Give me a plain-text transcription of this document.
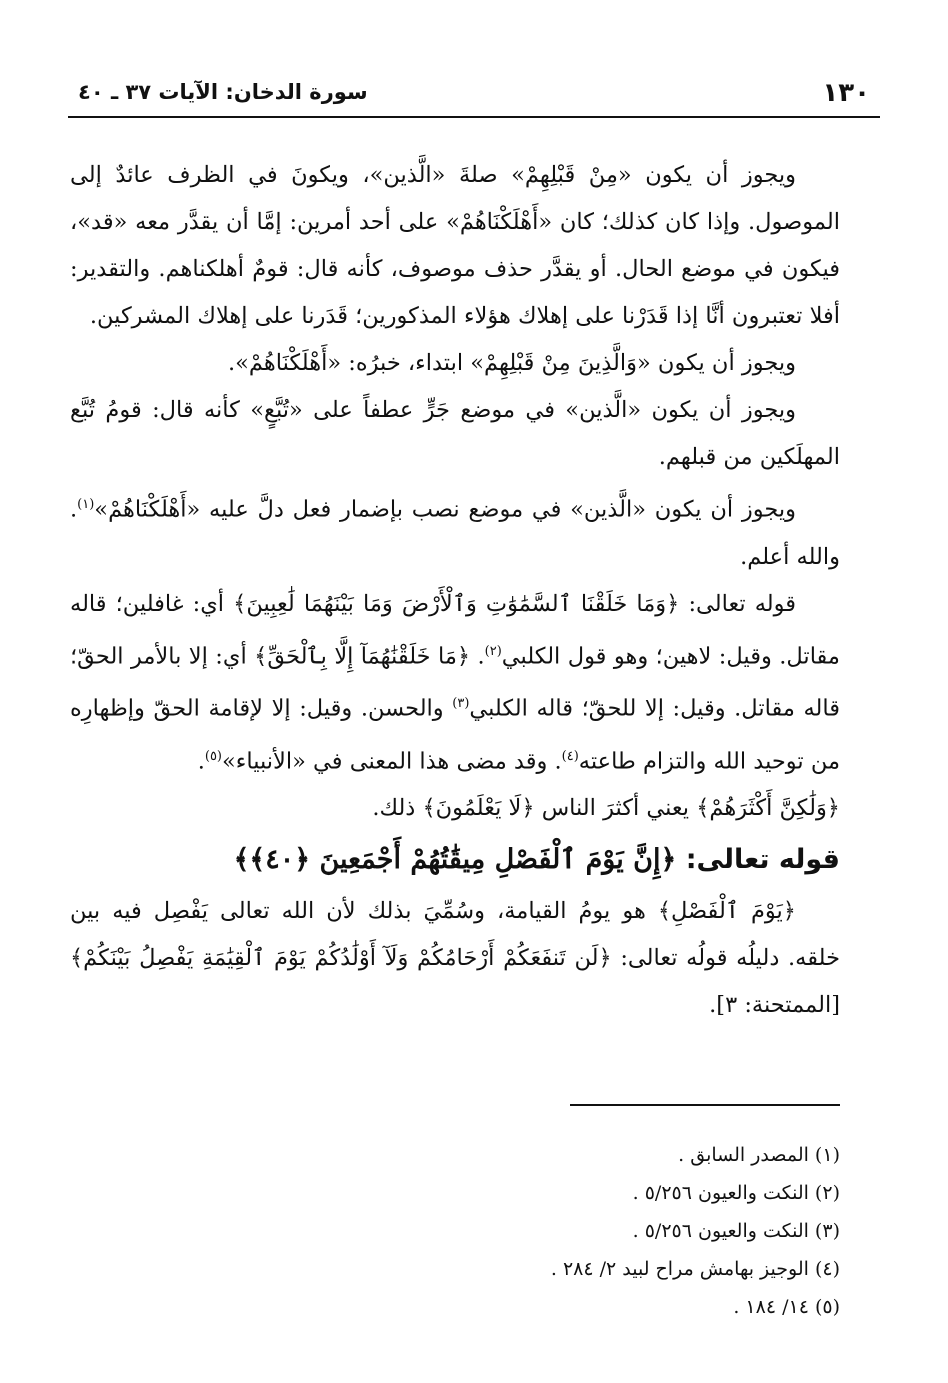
١٣٠
سورة الدخان: الآيات ٣٧ ـ ٤٠

ويجوز أن يكون «مِنْ قَبْلِهِمْ» صلةَ «الَّذين»، ويكونَ في الظرف عائدٌ إلى الموصول. وإذا كان كذلك؛ كان «أَهْلَكْنَاهُمْ» على أحد أمرين: إمَّا أن يقدَّر معه «قد»، فيكون في موضع الحال. أو يقدَّر حذف موصوف، كأنه قال: قومٌ أهلكناهم. والتقدير: أفلا تعتبرون أنَّا إذا قَدَرْنا على إهلاك هؤلاء المذكورين؛ قَدَرنا على إهلاك المشركين.

ويجوز أن يكون «وَالَّذِينَ مِنْ قَبْلِهِمْ» ابتداء، خبرُه: «أَهْلَكْنَاهُمْ».

ويجوز أن يكون «الَّذين» في موضع جَرٍّ عطفاً على «تُبَّعٍ» كأنه قال: قومُ تُبَّع المهلَكين من قبلهم.

ويجوز أن يكون «الَّذين» في موضع نصب بإضمار فعل دلَّ عليه «أَهْلَكْنَاهُمْ»$^{(١)}$. والله أعلم.

قوله تعالى: ﴿وَمَا خَلَقْنَا ٱلسَّمَٰوَٰتِ وَٱلْأَرْضَ وَمَا بَيْنَهُمَا لَٰعِبِينَ﴾ أي: غافلين؛ قاله مقاتل. وقيل: لاهين؛ وهو قول الكلبي$^{(٢)}$. ﴿مَا خَلَقْنَٰهُمَآ إِلَّا بِٱلْحَقِّ﴾ أي: إلا بالأمر الحقّ؛ قاله مقاتل. وقيل: إلا للحقّ؛ قاله الكلبي$^{(٣)}$ والحسن. وقيل: إلا لإقامة الحقّ وإظهارِه من توحيد الله والتزام طاعته$^{(٤)}$. وقد مضى هذا المعنى في «الأنبياء»$^{(٥)}$.

﴿وَلَٰكِنَّ أَكْثَرَهُمْ﴾ يعني أكثرَ الناس ﴿لَا يَعْلَمُونَ﴾ ذلك.

قوله تعالى: ﴿إِنَّ يَوْمَ ٱلْفَصْلِ مِيقَٰتُهُمْ أَجْمَعِينَ ﴿٤٠﴾﴾

﴿يَوْمَ ٱلْفَصْلِ﴾ هو يومُ القيامة، وسُمِّيَ بذلك لأن الله تعالى يَفْصِل فيه بين خلقه. دليلُه قولُه تعالى: ﴿لَن تَنفَعَكُمْ أَرْحَامُكُمْ وَلَآ أَوْلَٰدُكُمْ يَوْمَ ٱلْقِيَٰمَةِ يَفْصِلُ بَيْنَكُمْ﴾ [الممتحنة: ٣].

(١) المصدر السابق .

(٢) النكت والعيون ٥/٢٥٦ .

(٣) النكت والعيون ٥/٢٥٦ .

(٤) الوجيز بهامش مراح لبيد ٢/ ٢٨٤ .

(٥) ١٤/ ١٨٤ .
